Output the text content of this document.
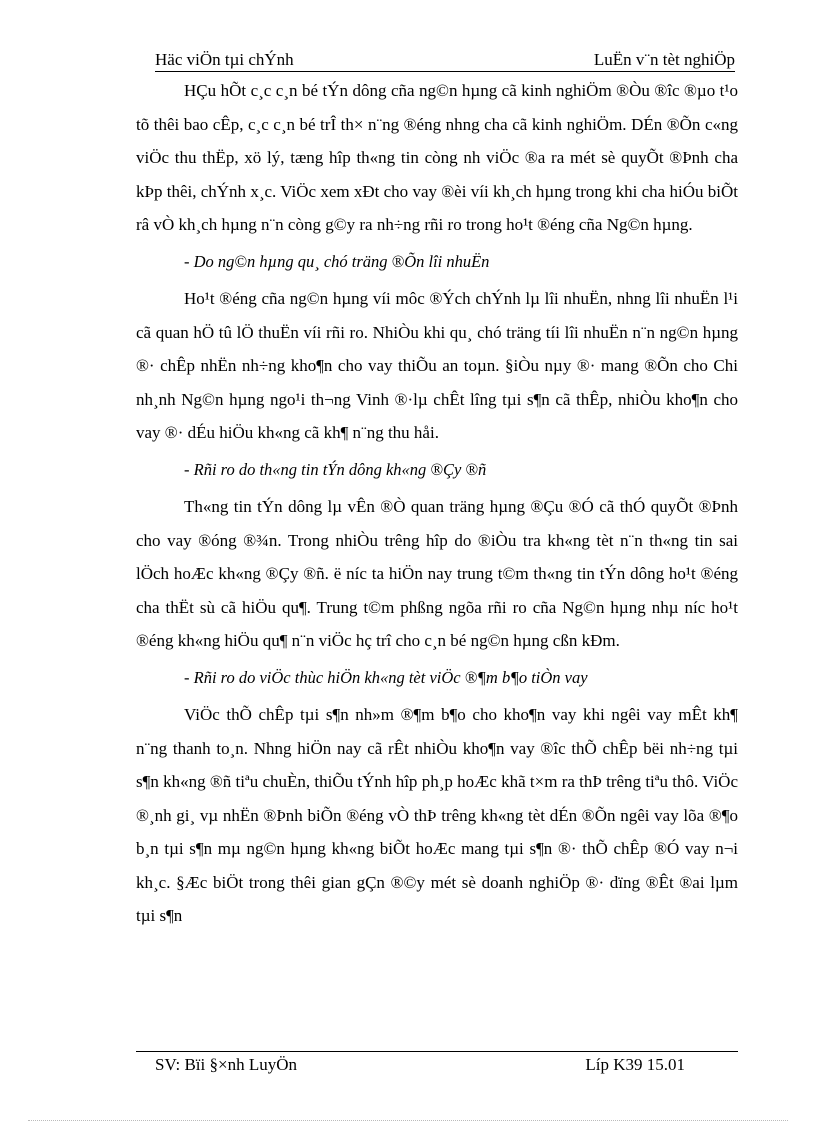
Häc viÖn tµi chÝnh	LuËn v¨n tèt nghiÖp

HÇu hÕt c¸c c¸n bé tÝn dông cña ng©n hµng cã kinh nghiÖm ®Òu ®îc ®µo t¹o tõ thêi bao cÊp, c¸c c¸n bé trÎ th× n¨ng ®éng nhng cha cã kinh nghiÖm. DÉn ®Õn c«ng viÖc thu thËp, xö lý, tæng hîp th«ng tin còng nh viÖc ®a ra mét sè quyÕt ®Þnh cha kÞp thêi, chÝnh x¸c. ViÖc xem xÐt cho vay ®èi víi kh¸ch hµng trong khi cha hiÓu biÕt râ vÒ kh¸ch hµng n¨n còng g©y ra nh÷ng rñi ro trong ho¹t ®éng cña Ng©n hµng.

- Do ng©n hµng qu¸ chó träng ®Õn lîi nhuËn

Ho¹t ®éng cña ng©n hµng víi môc ®Ých chÝnh lµ lîi nhuËn, nhng lîi nhuËn l¹i cã quan hÖ tû lÖ thuËn víi rñi ro. NhiÒu khi qu¸ chó träng tíi lîi nhuËn n¨n ng©n hµng ®· chÊp nhËn nh÷ng kho¶n cho vay thiÕu an toµn. §iÒu nµy ®· mang ®Õn cho Chi nh¸nh Ng©n hµng ngo¹i th¬ng Vinh ®·lµ chÊt lîng tµi s¶n cã thÊp, nhiÒu kho¶n cho vay ®· dÉu hiÖu kh«ng cã kh¶ n¨ng thu håi.

- Rñi ro do th«ng tin tÝn dông kh«ng ®Çy ®ñ

Th«ng tin tÝn dông lµ vÊn ®Ò quan träng hµng ®Çu ®Ó cã thÓ quyÕt ®Þnh cho vay ®óng ®¾n. Trong nhiÒu trêng hîp do ®iÒu tra kh«ng tèt n¨n th«ng tin sai lÖch hoÆc kh«ng ®Çy ®ñ. ë níc ta hiÖn nay trung t©m th«ng tin tÝn dông ho¹t ®éng cha thËt sù cã hiÖu qu¶. Trung t©m phßng ngõa rñi ro cña Ng©n hµng nhµ níc ho¹t ®éng kh«ng hiÖu qu¶ n¨n viÖc hç trî cho c¸n bé ng©n hµng cßn kÐm.

- Rñi ro do viÖc thùc hiÖn kh«ng tèt viÖc ®¶m b¶o tiÒn vay

ViÖc thÕ chÊp tµi s¶n nh»m ®¶m b¶o cho kho¶n vay khi ngêi vay mÊt kh¶ n¨ng thanh to¸n. Nhng hiÖn nay cã rÊt nhiÒu kho¶n vay ®îc thÕ chÊp bëi nh÷ng tµi s¶n kh«ng ®ñ tiªu chuÈn, thiÕu tÝnh hîp ph¸p hoÆc khã t×m ra thÞ trêng tiªu thô. ViÖc ®¸nh gi¸ vµ nhËn ®Þnh biÕn ®éng vÒ thÞ trêng kh«ng tèt dÉn ®Õn ngêi vay lõa ®¶o b¸n tµi s¶n mµ ng©n hµng kh«ng biÕt hoÆc mang tµi s¶n ®· thÕ chÊp ®Ó vay n¬i kh¸c. §Æc biÖt trong thêi gian gÇn ®©y mét sè doanh nghiÖp ®· dïng ®Êt ®ai lµm tµi s¶n

SV: Bïi §×nh LuyÖn	Líp K39 15.01
